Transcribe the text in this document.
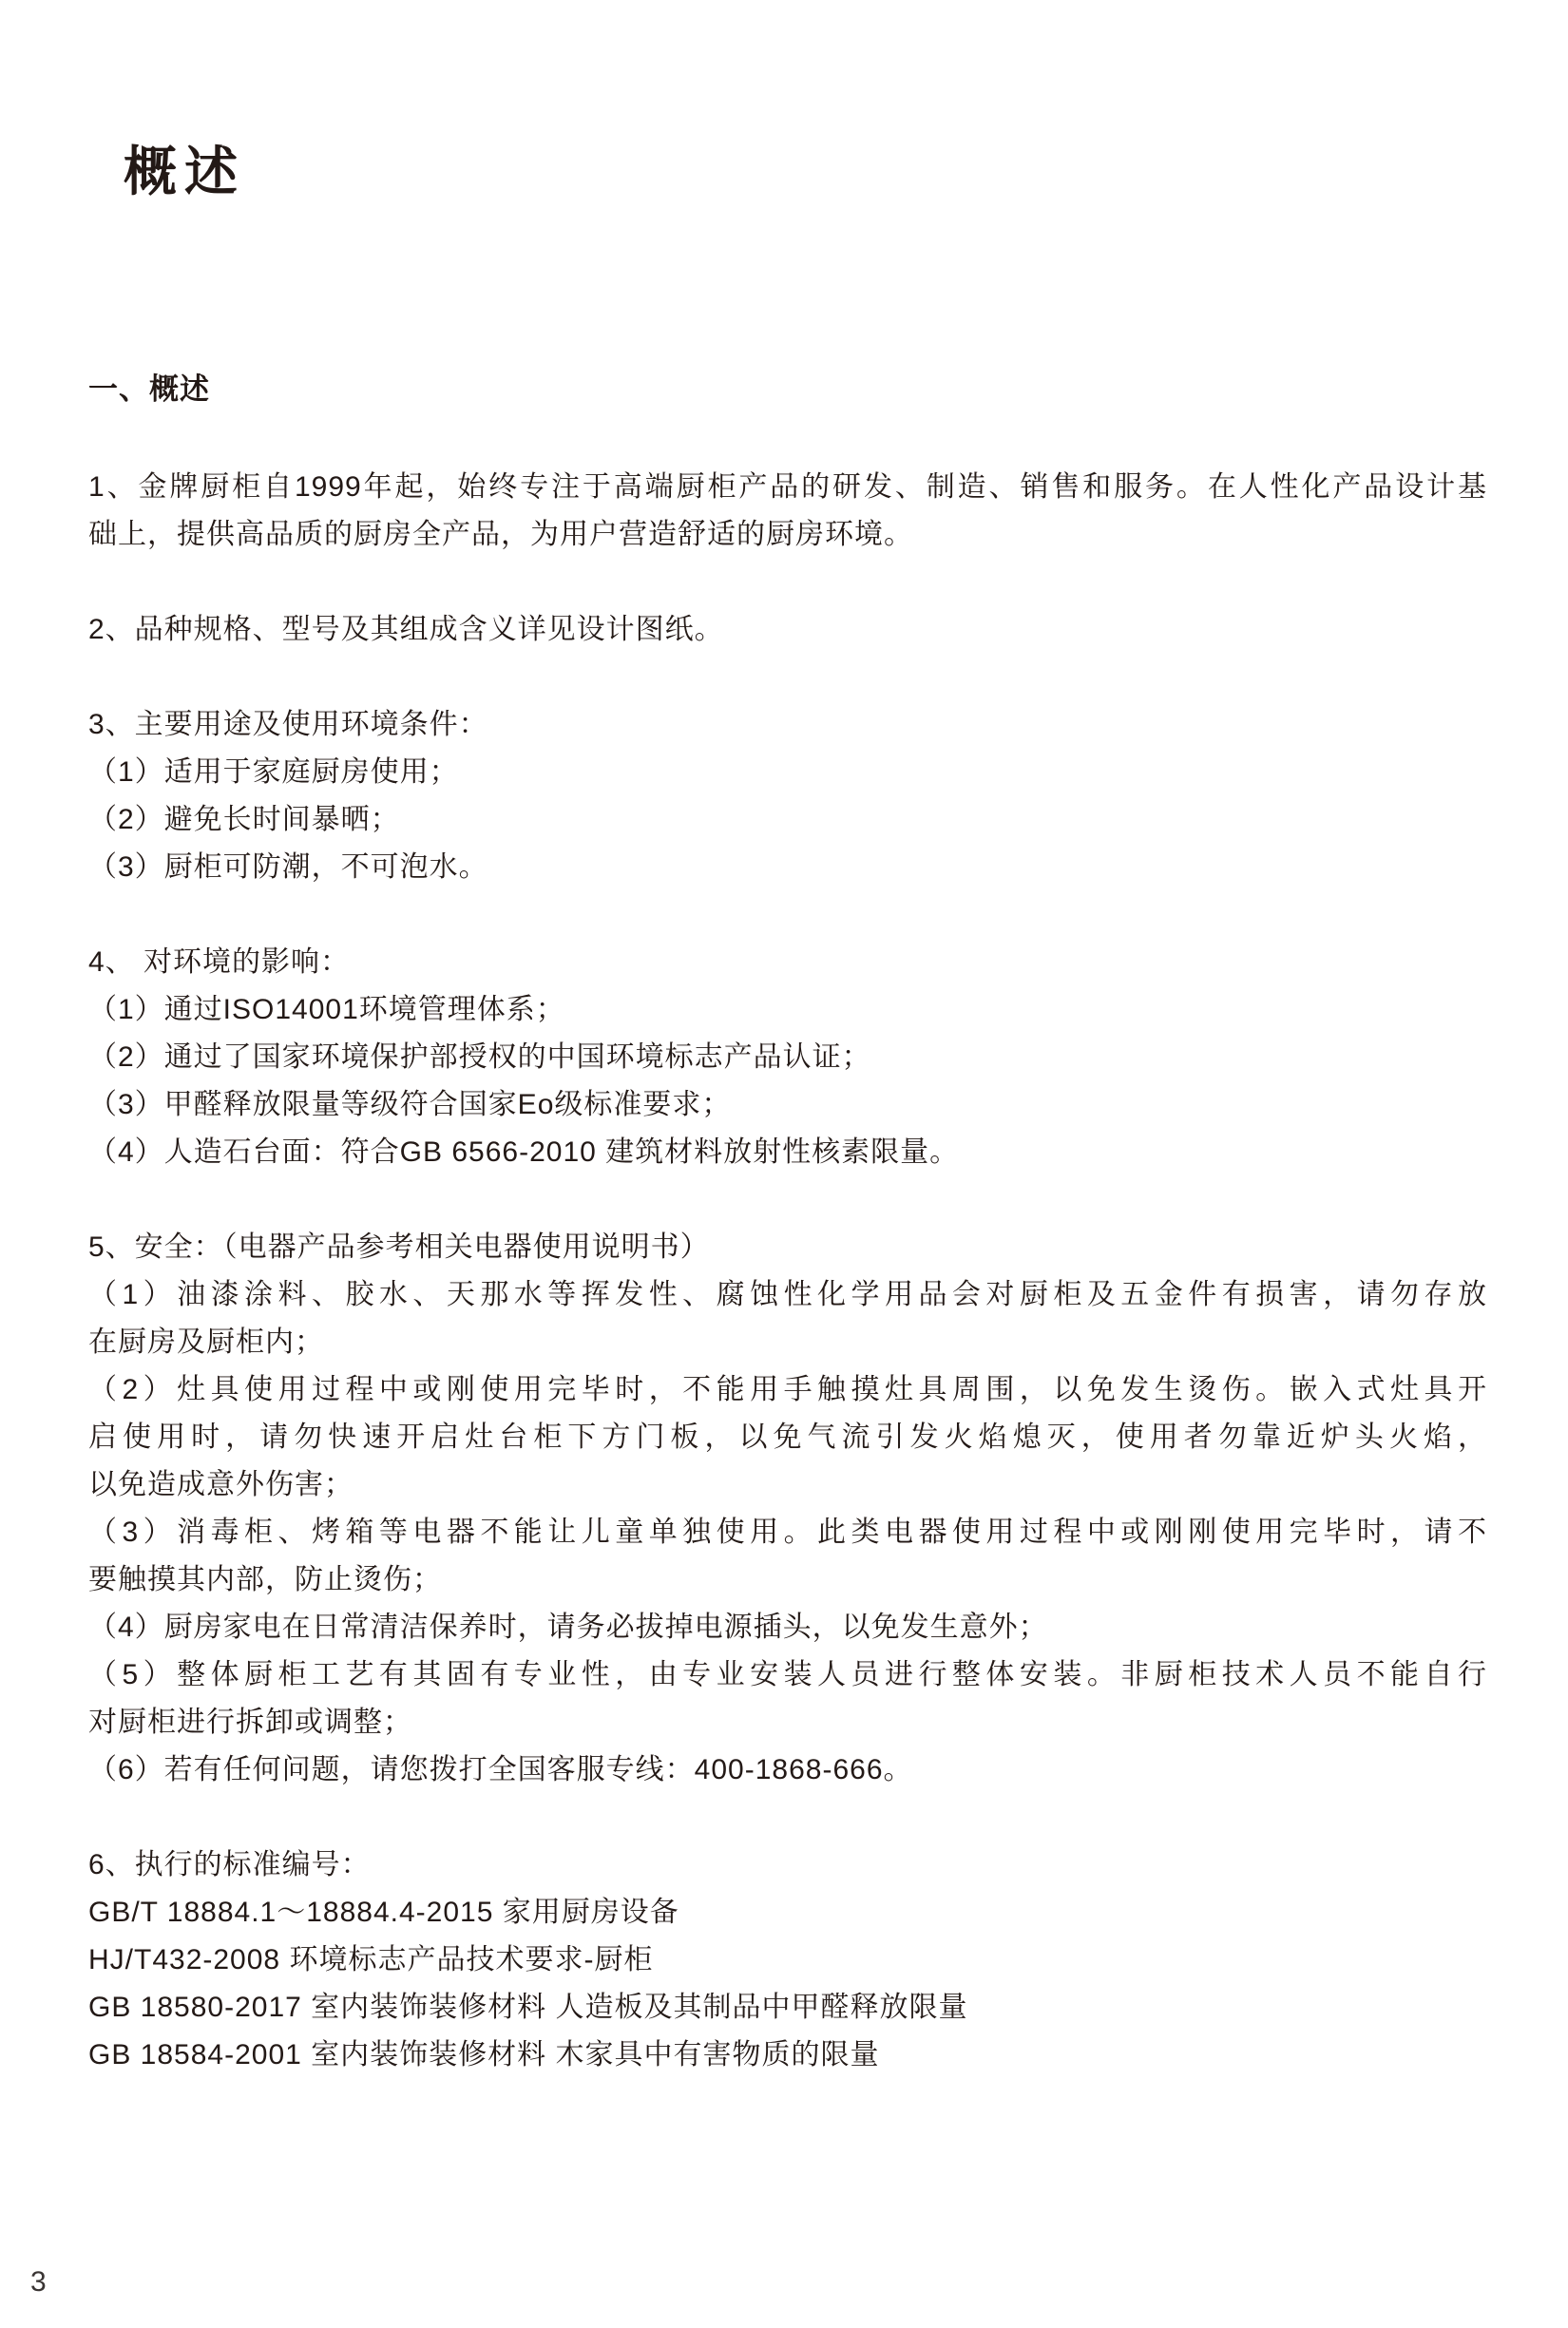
概述
一、概述
1、金牌厨柜自1999年起，始终专注于高端厨柜产品的研发、制造、销售和服务。在人性化产品设计基
础上，提供高品质的厨房全产品，为用户营造舒适的厨房环境。
2、品种规格、型号及其组成含义详见设计图纸。
3、主要用途及使用环境条件：
（1）适用于家庭厨房使用；
（2）避免长时间暴晒；
（3）厨柜可防潮，不可泡水。
4、 对环境的影响：
（1）通过ISO14001环境管理体系；
（2）通过了国家环境保护部授权的中国环境标志产品认证；
（3）甲醛释放限量等级符合国家Eo级标准要求；
（4）人造石台面：符合GB 6566-2010 建筑材料放射性核素限量。
5、安全：（电器产品参考相关电器使用说明书）
（1）油漆涂料、胶水、天那水等挥发性、腐蚀性化学用品会对厨柜及五金件有损害，请勿存放
在厨房及厨柜内；
（2）灶具使用过程中或刚使用完毕时，不能用手触摸灶具周围，以免发生烫伤。嵌入式灶具开
启使用时，请勿快速开启灶台柜下方门板，以免气流引发火焰熄灭，使用者勿靠近炉头火焰，
以免造成意外伤害；
（3）消毒柜、烤箱等电器不能让儿童单独使用。此类电器使用过程中或刚刚使用完毕时，请不
要触摸其内部，防止烫伤；
（4）厨房家电在日常清洁保养时，请务必拔掉电源插头，以免发生意外；
（5）整体厨柜工艺有其固有专业性，由专业安装人员进行整体安装。非厨柜技术人员不能自行
对厨柜进行拆卸或调整；
（6）若有任何问题，请您拨打全国客服专线：400-1868-666。
6、执行的标准编号：
GB/T 18884.1～18884.4-2015 家用厨房设备
HJ/T432-2008 环境标志产品技术要求-厨柜
GB 18580-2017 室内装饰装修材料 人造板及其制品中甲醛释放限量
GB 18584-2001 室内装饰装修材料 木家具中有害物质的限量
3
